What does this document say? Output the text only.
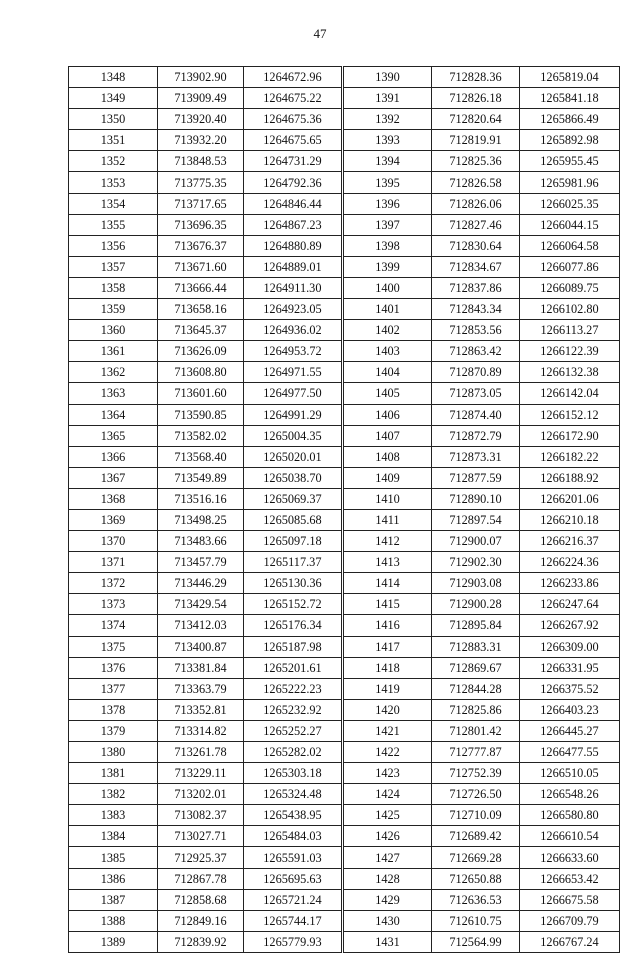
47
1348	713902.90	1264672.96
1349	713909.49	1264675.22
1350	713920.40	1264675.36
1351	713932.20	1264675.65
1352	713848.53	1264731.29
1353	713775.35	1264792.36
1354	713717.65	1264846.44
1355	713696.35	1264867.23
1356	713676.37	1264880.89
1357	713671.60	1264889.01
1358	713666.44	1264911.30
1359	713658.16	1264923.05
1360	713645.37	1264936.02
1361	713626.09	1264953.72
1362	713608.80	1264971.55
1363	713601.60	1264977.50
1364	713590.85	1264991.29
1365	713582.02	1265004.35
1366	713568.40	1265020.01
1367	713549.89	1265038.70
1368	713516.16	1265069.37
1369	713498.25	1265085.68
1370	713483.66	1265097.18
1371	713457.79	1265117.37
1372	713446.29	1265130.36
1373	713429.54	1265152.72
1374	713412.03	1265176.34
1375	713400.87	1265187.98
1376	713381.84	1265201.61
1377	713363.79	1265222.23
1378	713352.81	1265232.92
1379	713314.82	1265252.27
1380	713261.78	1265282.02
1381	713229.11	1265303.18
1382	713202.01	1265324.48
1383	713082.37	1265438.95
1384	713027.71	1265484.03
1385	712925.37	1265591.03
1386	712867.78	1265695.63
1387	712858.68	1265721.24
1388	712849.16	1265744.17
1389	712839.92	1265779.93
1390	712828.36	1265819.04
1391	712826.18	1265841.18
1392	712820.64	1265866.49
1393	712819.91	1265892.98
1394	712825.36	1265955.45
1395	712826.58	1265981.96
1396	712826.06	1266025.35
1397	712827.46	1266044.15
1398	712830.64	1266064.58
1399	712834.67	1266077.86
1400	712837.86	1266089.75
1401	712843.34	1266102.80
1402	712853.56	1266113.27
1403	712863.42	1266122.39
1404	712870.89	1266132.38
1405	712873.05	1266142.04
1406	712874.40	1266152.12
1407	712872.79	1266172.90
1408	712873.31	1266182.22
1409	712877.59	1266188.92
1410	712890.10	1266201.06
1411	712897.54	1266210.18
1412	712900.07	1266216.37
1413	712902.30	1266224.36
1414	712903.08	1266233.86
1415	712900.28	1266247.64
1416	712895.84	1266267.92
1417	712883.31	1266309.00
1418	712869.67	1266331.95
1419	712844.28	1266375.52
1420	712825.86	1266403.23
1421	712801.42	1266445.27
1422	712777.87	1266477.55
1423	712752.39	1266510.05
1424	712726.50	1266548.26
1425	712710.09	1266580.80
1426	712689.42	1266610.54
1427	712669.28	1266633.60
1428	712650.88	1266653.42
1429	712636.53	1266675.58
1430	712610.75	1266709.79
1431	712564.99	1266767.24
